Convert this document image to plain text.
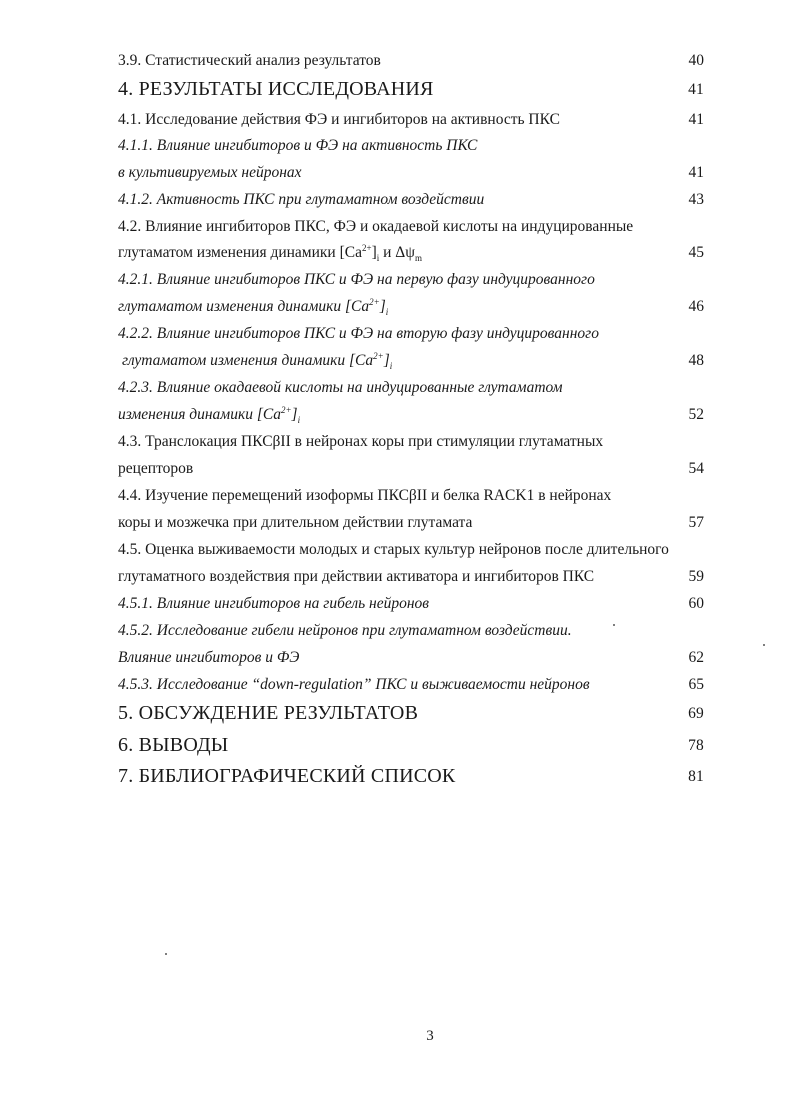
3.9. Статистический анализ результатов	40
4. РЕЗУЛЬТАТЫ ИССЛЕДОВАНИЯ	41
4.1. Исследование действия ФЭ и ингибиторов на активность ПКС	41
4.1.1. Влияние ингибиторов и ФЭ на активность ПКС
в культивируемых нейронах	41
4.1.2. Активность ПКС при глутаматном воздействии	43
4.2. Влияние ингибиторов ПКС, ФЭ и окадаевой кислоты на индуцированные
глутаматом изменения динамики $[Ca^{2+}]_i$ и $\Delta\psi_m$	45
4.2.1. Влияние ингибиторов ПКС и ФЭ на первую фазу индуцированного
глутаматом изменения динамики $[Ca^{2+}]_i$	46
4.2.2. Влияние ингибиторов ПКС и ФЭ на вторую фазу индуцированного
глутаматом изменения динамики $[Ca^{2+}]_i$	48
4.2.3. Влияние окадаевой кислоты на индуцированные глутаматом
изменения динамики $[Ca^{2+}]_i$	52
4.3. Транслокация ПКСβII в нейронах коры при стимуляции глутаматных
рецепторов	54
4.4. Изучение перемещений изоформы ПКСβII и белка RACK1 в нейронах
коры и мозжечка при длительном действии глутамата	57
4.5. Оценка выживаемости молодых и старых культур нейронов после длительного
глутаматного воздействия при действии активатора и ингибиторов ПКС	59
4.5.1. Влияние ингибиторов на гибель нейронов	60
4.5.2. Исследование гибели нейронов при глутаматном воздействии.
Влияние ингибиторов и ФЭ	62
4.5.3. Исследование “down-regulation” ПКС и выживаемости нейронов	65
5. ОБСУЖДЕНИЕ РЕЗУЛЬТАТОВ	69
6. ВЫВОДЫ	78
7. БИБЛИОГРАФИЧЕСКИЙ СПИСОК	81
3
